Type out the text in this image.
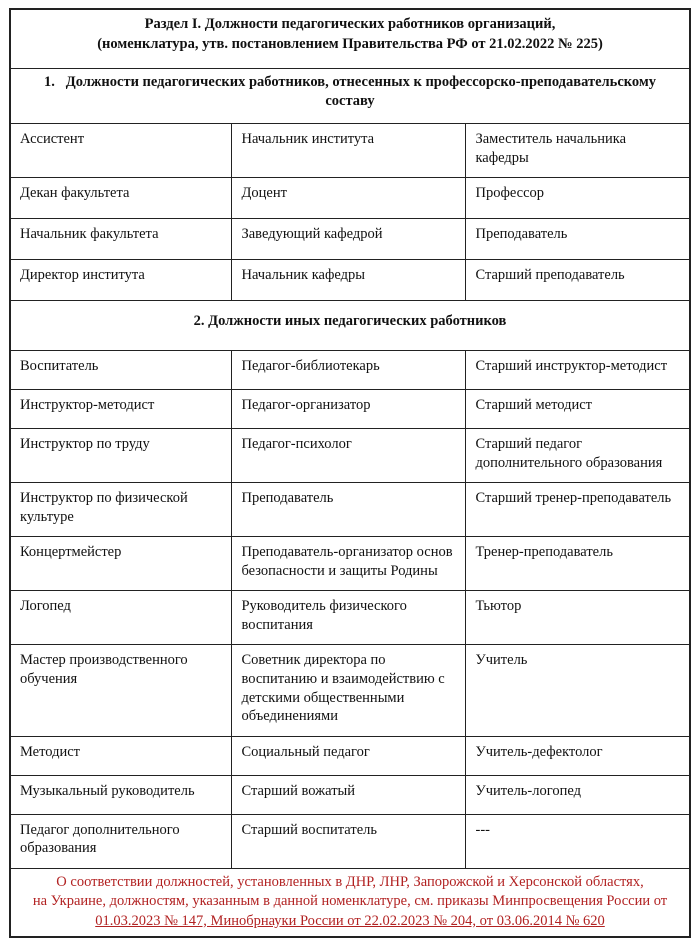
Раздел I. Должности педагогических работников организаций,
(номенклатура, утв. постановлением Правительства РФ от 21.02.2022 № 225)		

1.   Должности педагогических работников, отнесенных к профессорско-преподавательскому составу		
Ассистент	Начальник института	Заместитель начальника кафедры
Декан факультета	Доцент	Профессор
Начальник факультета	Заведующий кафедрой	Преподаватель
Директор института	Начальник кафедры	Старший преподаватель
2. Должности иных педагогических работников		
Воспитатель	Педагог-библиотекарь	Старший инструктор-методист
Инструктор-методист	Педагог-организатор	Старший методист
Инструктор по труду	Педагог-психолог	Старший педагог дополнительного образования
Инструктор по физической культуре	Преподаватель	Старший тренер-преподаватель
Концертмейстер	Преподаватель-организатор основ безопасности и защиты Родины	Тренер-преподаватель
Логопед	Руководитель физического воспитания	Тьютор
Мастер производственного обучения	Советник директора по воспитанию и взаимодействию с детскими общественными объединениями	Учитель
Методист	Социальный педагог	Учитель-дефектолог
Музыкальный руководитель	Старший вожатый	Учитель-логопед
Педагог дополнительного образования	Старший воспитатель	---

О соответствии должностей, установленных в ДНР, ЛНР, Запорожской и Херсонской областях,
на Украине, должностям, указанным в данной номенклатуре, см. приказы Минпросвещения России от
01.03.2023 № 147, Минобрнауки России от 22.02.2023 № 204, от 03.06.2014 № 620		
